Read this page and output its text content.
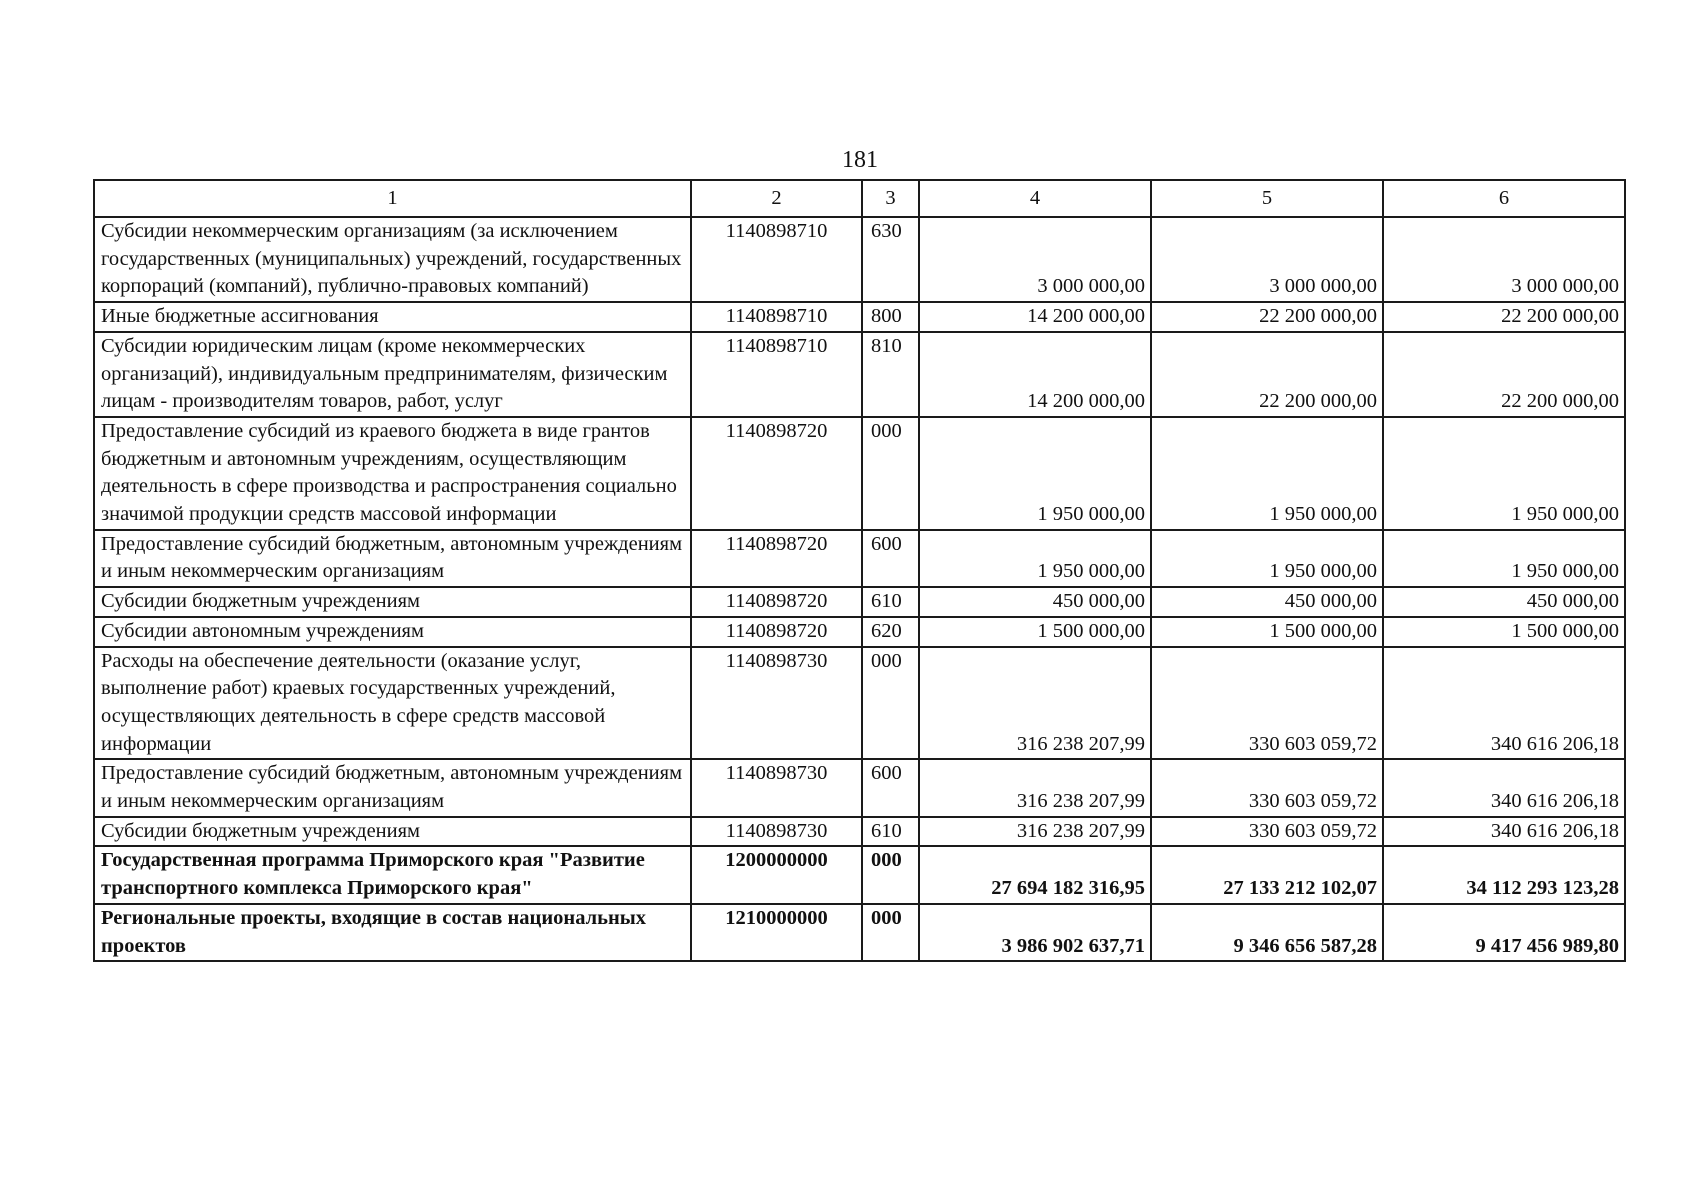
181
1	2	3	4	5	6
Субсидии некоммерческим организациям (за исключением государственных (муниципальных) учреждений, государственных корпораций (компаний), публично-правовых компаний)	1140898710	630	3 000 000,00	3 000 000,00	3 000 000,00
Иные бюджетные ассигнования	1140898710	800	14 200 000,00	22 200 000,00	22 200 000,00
Субсидии юридическим лицам (кроме некоммерческих организаций), индивидуальным предпринимателям, физическим лицам - производителям товаров, работ, услуг	1140898710	810	14 200 000,00	22 200 000,00	22 200 000,00
Предоставление субсидий из краевого бюджета в виде грантов бюджетным и автономным учреждениям, осуществляющим деятельность в сфере производства и распространения социально значимой продукции средств массовой информации	1140898720	000	1 950 000,00	1 950 000,00	1 950 000,00
Предоставление субсидий бюджетным, автономным учреждениям и иным некоммерческим организациям	1140898720	600	1 950 000,00	1 950 000,00	1 950 000,00
Субсидии бюджетным учреждениям	1140898720	610	450 000,00	450 000,00	450 000,00
Субсидии автономным учреждениям	1140898720	620	1 500 000,00	1 500 000,00	1 500 000,00
Расходы на обеспечение деятельности (оказание услуг, выполнение работ) краевых государственных учреждений, осуществляющих деятельность в сфере средств массовой информации	1140898730	000	316 238 207,99	330 603 059,72	340 616 206,18
Предоставление субсидий бюджетным, автономным учреждениям и иным некоммерческим организациям	1140898730	600	316 238 207,99	330 603 059,72	340 616 206,18
Субсидии бюджетным учреждениям	1140898730	610	316 238 207,99	330 603 059,72	340 616 206,18
Государственная программа Приморского края "Развитие транспортного комплекса Приморского края"	1200000000	000	27 694 182 316,95	27 133 212 102,07	34 112 293 123,28
Региональные проекты, входящие в состав национальных проектов	1210000000	000	3 986 902 637,71	9 346 656 587,28	9 417 456 989,80
